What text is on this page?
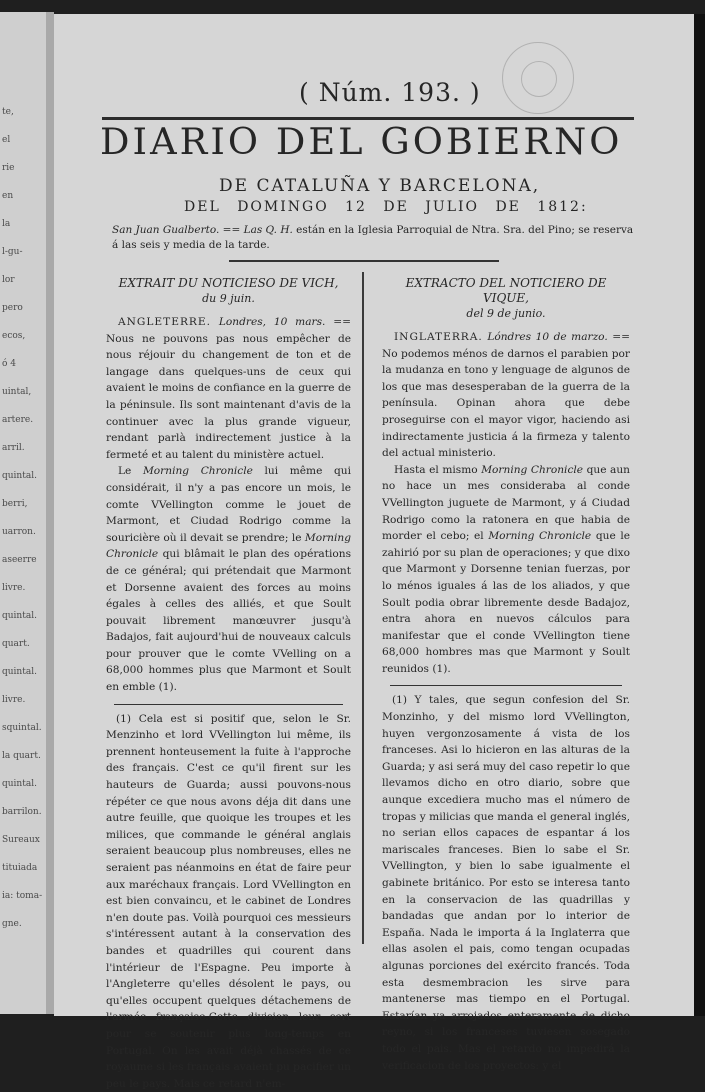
te,
el
rie
en
la
l-gu-
lor
pero
ecos,
ó 4
uintal,
artere.
arril.
quintal.
berri,
uarron.
aseerre
livre.
quintal.
quart.
quintal.
livre.
squintal.
la quart.
quintal.
barrilon.
Sureaux
tituiada
ia: toma-
gne.
( Núm. 193. )
DIARIO DEL GOBIERNO
DE CATALUÑA Y BARCELONA,
DEL DOMINGO 12 DE JULIO DE 1812:
San Juan Gualberto. == Las Q. H. están en la Iglesia Parroquial de Ntra. Sra. del Pino; se reserva á las seis y media de la tarde.
EXTRAIT DU NOTICIESO DE VICH,
du 9 juin.

ANGLETERRE. Londres, 10 mars. == Nous ne pouvons pas nous empêcher de nous réjouir du changement de ton et de langage dans quelques-uns de ceux qui avaient le moins de confiance en la guerre de la péninsule. Ils sont maintenant d'avis de la continuer avec la plus grande vigueur, rendant parlà indirectement justice à la fermeté et au talent du ministère actuel.

Le Morning Chronicle lui même qui considérait, il n'y a pas encore un mois, le comte VVellington comme le jouet de Marmont, et Ciudad Rodrigo comme la souricière où il devait se prendre; le Morning Chronicle qui blâmait le plan des opérations de ce général; qui prétendait que Marmont et Dorsenne avaient des forces au moins égales à celles des alliés, et que Soult pouvait librement manœuvrer jusqu'à Badajos, fait aujourd'hui de nouveaux calculs pour prouver que le comte VVelling on a 68,000 hommes plus que Marmont et Soult en emble (1).

(1) Cela est si positif que, selon le Sr. Menzinho et lord VVellington lui même, ils prennent honteusement la fuite à l'approche des français. C'est ce qu'il firent sur les hauteurs de Guarda; aussi pouvons-nous répéter ce que nous avons déja dit dans une autre feuille, que quoique les troupes et les milices, que commande le général anglais seraient beaucoup plus nombreuses, elles ne seraient pas néanmoins en état de faire peur aux maréchaux français. Lord VVellington en est bien convaincu, et le cabinet de Londres n'en doute pas. Voilà pourquoi ces messieurs s'intéressent autant à la conservation des bandes et quadrilles qui courent dans l'intérieur de l'Espagne. Peu importe à l'Angleterre qu'elles désolent le pays, ou qu'elles occupent quelques détachemens de l'armée française.Cette division leur sert pour se soutenir plus long-temps en Portugal. On les avait déjà chassés de ce royaume si les français avaient pu pacifier un peu le pays. Mais ce retard n'em-

EXTRACTO DEL NOTICIERO DE VIQUE,
del 9 de junio.

INGLATERRA. Lóndres 10 de marzo. == No podemos ménos de darnos el parabien por la mudanza en tono y lenguage de algunos de los que mas desesperaban de la guerra de la península. Opinan ahora que debe proseguirse con el mayor vigor, haciendo asi indirectamente justicia á la firmeza y talento del actual ministerio.

Hasta el mismo Morning Chronicle que aun no hace un mes consideraba al conde VVellington juguete de Marmont, y á Ciudad Rodrigo como la ratonera en que habia de morder el cebo; el Morning Chronicle que le zahirió por su plan de operaciones; y que dixo que Marmont y Dorsenne tenian fuerzas, por lo ménos iguales á las de los aliados, y que Soult podia obrar libremente desde Badajoz, entra ahora en nuevos cálculos para manifestar que el conde VVellington tiene 68,000 hombres mas que Marmont y Soult reunidos (1).

(1) Y tales, que segun confesion del Sr. Monzinho, y del mismo lord VVellington, huyen vergonzosamente á vista de los franceses. Asi lo hicieron en las alturas de la Guarda; y asi será muy del caso repetir lo que llevamos dicho en otro diario, sobre que aunque excediera mucho mas el número de tropas y milicias que manda el general inglés, no serian ellos capaces de espantar á los mariscales franceses. Bien lo sabe el Sr. VVellington, y bien lo sabe igualmente el gabinete británico. Por esto se interesa tanto en la conservacion de las quadrillas y bandadas que andan por lo interior de España. Nada le importa á la Inglaterra que ellas asolen el pais, como tengan ocupadas algunas porciones del exército francés. Toda esta desmembracion les sirve para mantenerse mas tiempo en el Portugal. Estarían ya arrojados enteramente de dicho reyno, si los franceses tuviesen sosegado todo el pais. Mas el retardo no impedirá la verificacion de los proyectos: y el
